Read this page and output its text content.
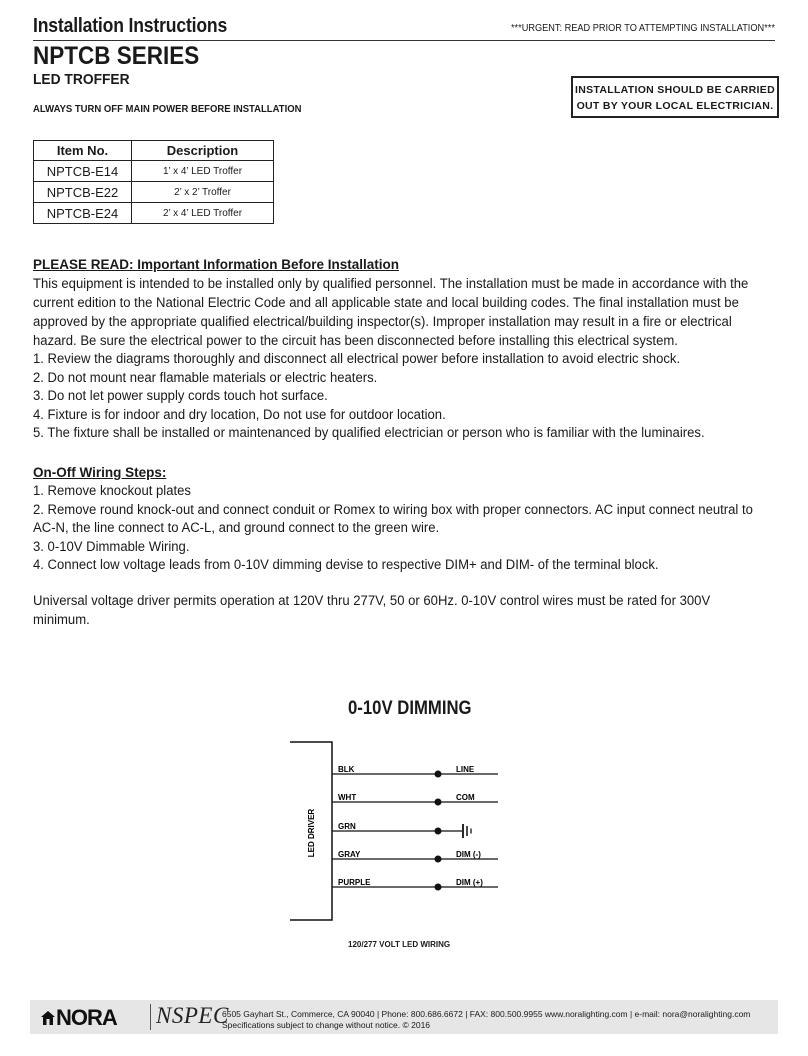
Installation Instructions	***URGENT: READ PRIOR TO ATTEMPTING INSTALLATION***
NPTCB SERIES
LED TROFFER
ALWAYS TURN OFF MAIN POWER BEFORE INSTALLATION
INSTALLATION SHOULD BE CARRIED
OUT BY YOUR LOCAL ELECTRICIAN.
Item No.	Description
NPTCB-E14	1’ x 4’ LED Troffer
NPTCB-E22	2’ x 2’ Troffer
NPTCB-E24	2’ x 4’ LED Troffer
PLEASE READ: Important Information Before Installation
This equipment is intended to be installed only by qualified personnel. The installation must be made in accordance with the current edition to the National Electric Code and all applicable state and local building codes. The final installation must be approved by the appropriate qualified electrical/building inspector(s). Improper installation may result in a fire or electrical hazard. Be sure the electrical power to the circuit has been disconnected before installing this electrical system.
1. Review the diagrams thoroughly and disconnect all electrical power before installation to avoid electric shock.
2. Do not mount near flamable materials or electric heaters.
3. Do not let power supply cords touch hot surface.
4. Fixture is for indoor and dry location, Do not use for outdoor location.
5. The fixture shall be installed or maintenanced by qualified electrician or person who is familiar with the luminaires.
On-Off Wiring Steps:
1. Remove knockout plates
2. Remove round knock-out and connect conduit or Romex to wiring box with proper connectors. AC input connect neutral to AC-N, the line connect to AC-L, and ground connect to the green wire.
3. 0-10V Dimmable Wiring.
4. Connect low voltage leads from 0-10V dimming devise to respective DIM+ and DIM- of the terminal block.
Universal voltage driver permits operation at 120V thru 277V, 50 or 60Hz. 0-10V control wires must be rated for 300V minimum.
0-10V DIMMING
LED DRIVER
BLK	LINE
WHT	COM
GRN
GRAY	DIM (-)
PURPLE	DIM (+)
120/277 VOLT LED WIRING
NORA NSPEC
6505 Gayhart St., Commerce, CA 90040 | Phone: 800.686.6672 | FAX: 800.500.9955 www.noralighting.com | e-mail: nora@noralighting.com
Specifications subject to change without notice. © 2016
